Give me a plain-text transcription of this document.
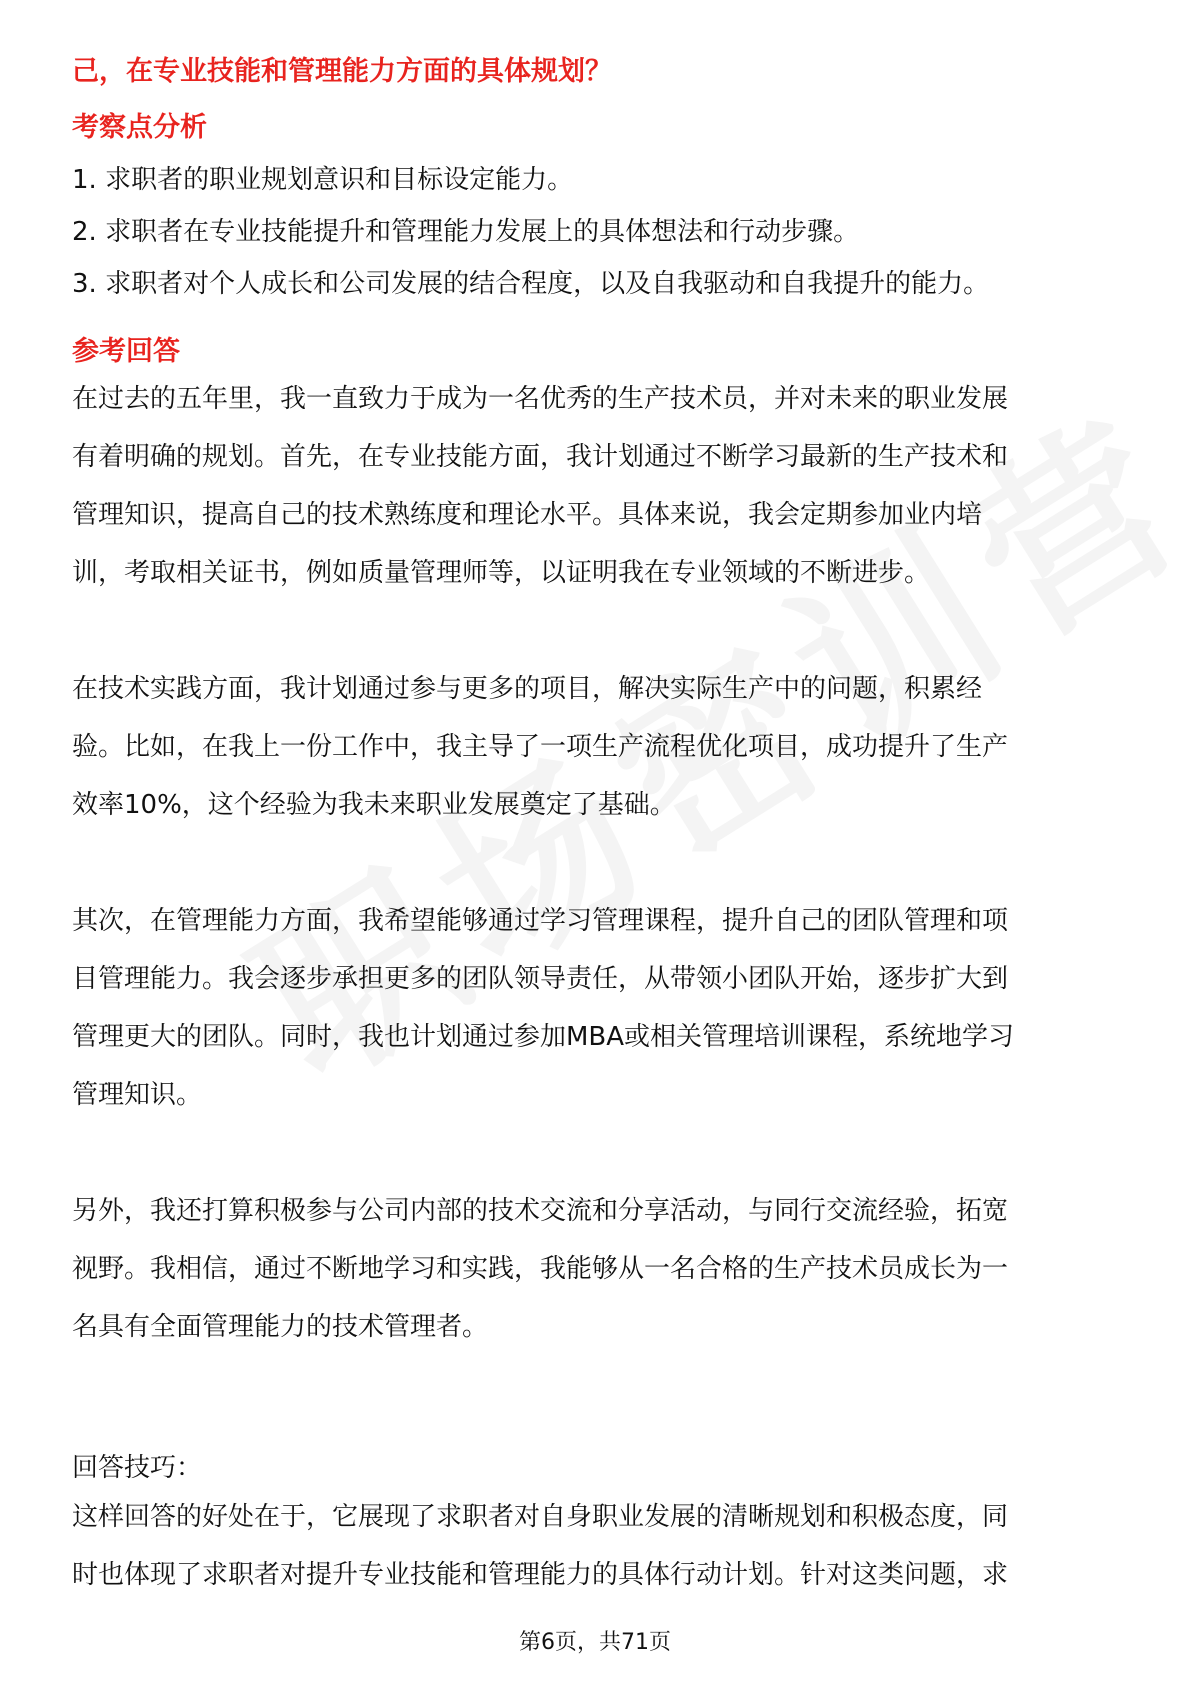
己，在专业技能和管理能力方面的具体规划？
考察点分析
1. 求职者的职业规划意识和目标设定能力。
2. 求职者在专业技能提升和管理能力发展上的具体想法和行动步骤。
3. 求职者对个人成长和公司发展的结合程度，以及自我驱动和自我提升的能力。
参考回答
在过去的五年里，我一直致力于成为一名优秀的生产技术员，并对未来的职业发展
有着明确的规划。首先，在专业技能方面，我计划通过不断学习最新的生产技术和
管理知识，提高自己的技术熟练度和理论水平。具体来说，我会定期参加业内培
训，考取相关证书，例如质量管理师等，以证明我在专业领域的不断进步。
在技术实践方面，我计划通过参与更多的项目，解决实际生产中的问题，积累经
验。比如，在我上一份工作中，我主导了一项生产流程优化项目，成功提升了生产
效率10%，这个经验为我未来职业发展奠定了基础。
其次，在管理能力方面，我希望能够通过学习管理课程，提升自己的团队管理和项
目管理能力。我会逐步承担更多的团队领导责任，从带领小团队开始，逐步扩大到
管理更大的团队。同时，我也计划通过参加MBA或相关管理培训课程，系统地学习
管理知识。
另外，我还打算积极参与公司内部的技术交流和分享活动，与同行交流经验，拓宽
视野。我相信，通过不断地学习和实践，我能够从一名合格的生产技术员成长为一
名具有全面管理能力的技术管理者。
回答技巧：
这样回答的好处在于，它展现了求职者对自身职业发展的清晰规划和积极态度，同
时也体现了求职者对提升专业技能和管理能力的具体行动计划。针对这类问题，求
第6页，共71页
